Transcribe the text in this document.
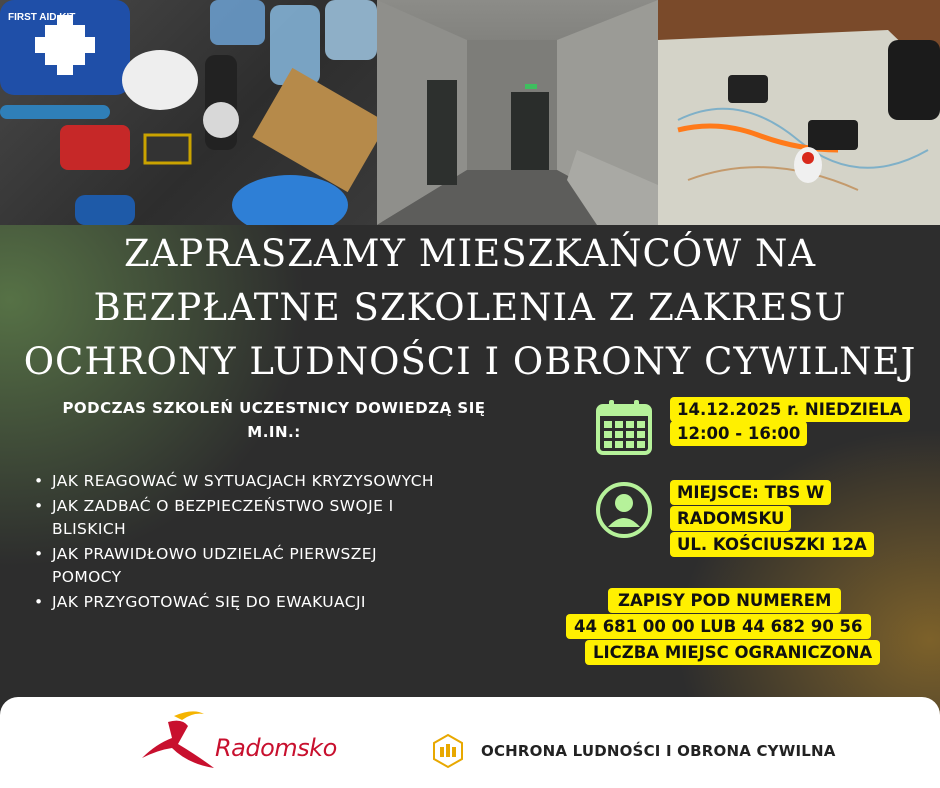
FIRST AID KIT
ZAPRASZAMY MIESZKAŃCÓW NA
BEZPŁATNE SZKOLENIA Z ZAKRESU
OCHRONY LUDNOŚCI I OBRONY CYWILNEJ
PODCZAS SZKOLEŃ UCZESTNICY DOWIEDZĄ SIĘ
M.IN.:
• JAK REAGOWAĆ W SYTUACJACH KRYZYSOWYCH
• JAK ZADBAĆ O BEZPIECZEŃSTWO SWOJE I
BLISKICH
• JAK PRAWIDŁOWO UDZIELAĆ PIERWSZEJ
POMOCY
• JAK PRZYGOTOWAĆ SIĘ DO EWAKUACJI
14.12.2025 r. NIEDZIELA
12:00 - 16:00
MIEJSCE: TBS W
RADOMSKU
UL. KOŚCIUSZKI 12A
ZAPISY POD NUMEREM
44 681 00 00 LUB 44 682 90 56
LICZBA MIEJSC OGRANICZONA
Radomsko	OCHRONA LUDNOŚCI I OBRONA CYWILNA
